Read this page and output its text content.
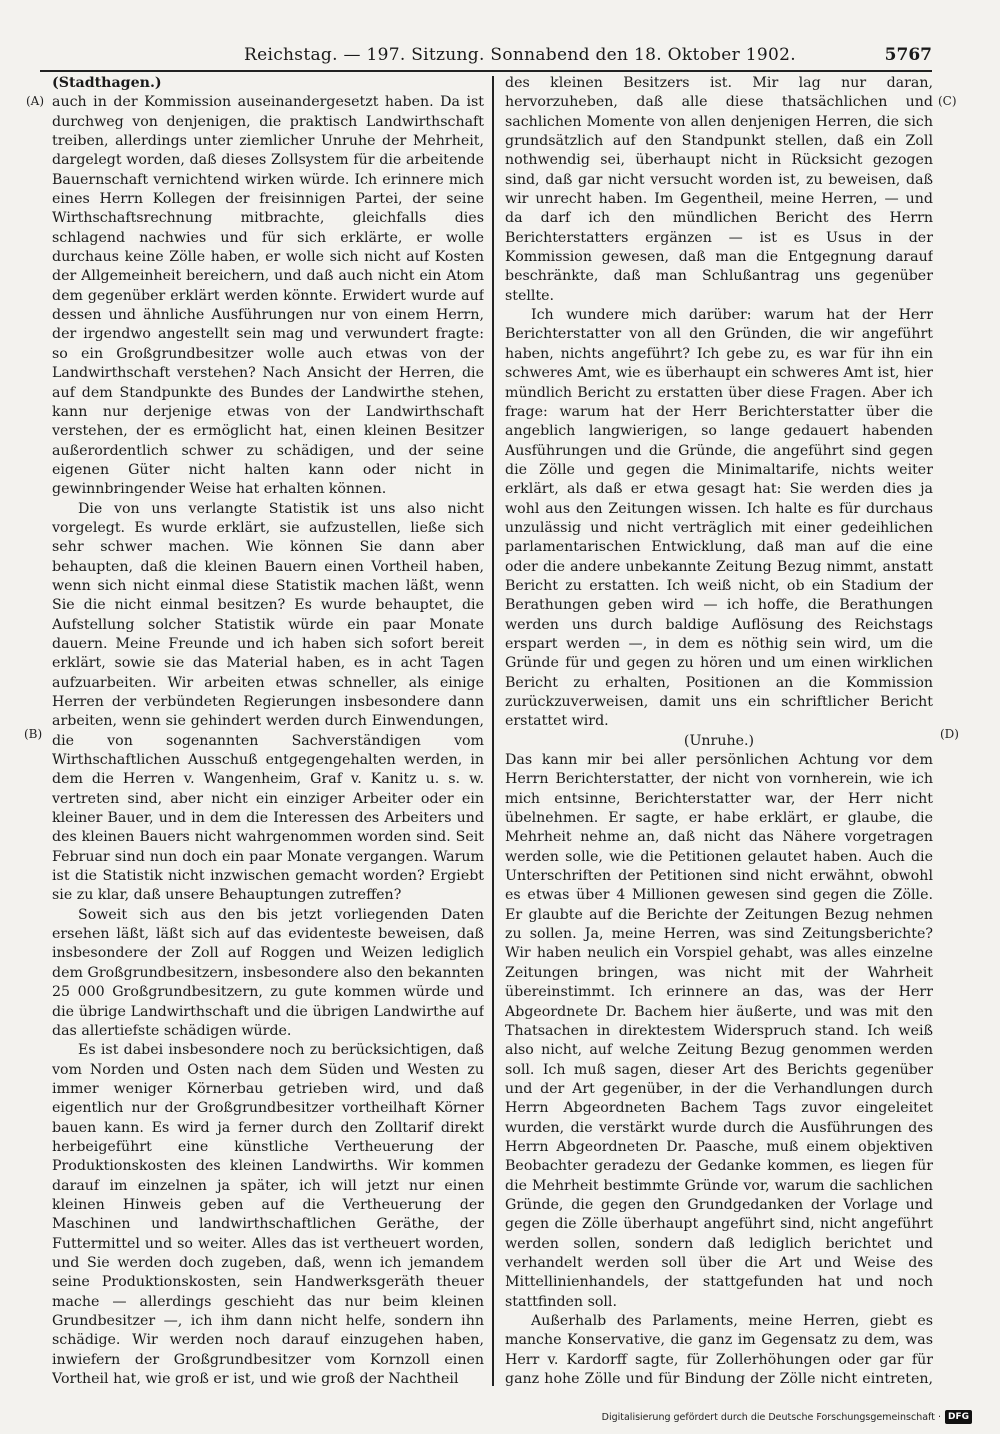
Reichstag. — 197. Sitzung. Sonnabend den 18. Oktober 1902.	5767
(A)
(B)
(C)
(D)

(Stadthagen.)

auch in der Kommission auseinandergesetzt haben. Da ist durchweg von denjenigen, die praktisch Landwirthschaft treiben, allerdings unter ziemlicher Unruhe der Mehrheit, dargelegt worden, daß dieses Zollsystem für die arbeitende Bauernschaft vernichtend wirken würde. Ich erinnere mich eines Herrn Kollegen der freisinnigen Partei, der seine Wirthschaftsrechnung mitbrachte, gleichfalls dies schlagend nachwies und für sich erklärte, er wolle durchaus keine Zölle haben, er wolle sich nicht auf Kosten der Allgemeinheit bereichern, und daß auch nicht ein Atom dem gegenüber erklärt werden könnte. Erwidert wurde auf dessen und ähnliche Ausführungen nur von einem Herrn, der irgendwo angestellt sein mag und verwundert fragte: so ein Großgrundbesitzer wolle auch etwas von der Landwirthschaft verstehen? Nach Ansicht der Herren, die auf dem Standpunkte des Bundes der Landwirthe stehen, kann nur derjenige etwas von der Landwirthschaft verstehen, der es ermöglicht hat, einen kleinen Besitzer außerordentlich schwer zu schädigen, und der seine eigenen Güter nicht halten kann oder nicht in gewinnbringender Weise hat erhalten können.

Die von uns verlangte Statistik ist uns also nicht vorgelegt. Es wurde erklärt, sie aufzustellen, ließe sich sehr schwer machen. Wie können Sie dann aber behaupten, daß die kleinen Bauern einen Vortheil haben, wenn sich nicht einmal diese Statistik machen läßt, wenn Sie die nicht einmal besitzen? Es wurde behauptet, die Aufstellung solcher Statistik würde ein paar Monate dauern. Meine Freunde und ich haben sich sofort bereit erklärt, sowie sie das Material haben, es in acht Tagen aufzuarbeiten. Wir arbeiten etwas schneller, als einige Herren der verbündeten Regierungen insbesondere dann arbeiten, wenn sie gehindert werden durch Einwendungen, die von sogenannten Sachverständigen vom Wirthschaftlichen Ausschuß entgegengehalten werden, in dem die Herren v. Wangenheim, Graf v. Kanitz u. s. w. vertreten sind, aber nicht ein einziger Arbeiter oder ein kleiner Bauer, und in dem die Interessen des Arbeiters und des kleinen Bauers nicht wahrgenommen worden sind. Seit Februar sind nun doch ein paar Monate vergangen. Warum ist die Statistik nicht inzwischen gemacht worden? Ergiebt sie zu klar, daß unsere Behauptungen zutreffen?

Soweit sich aus den bis jetzt vorliegenden Daten ersehen läßt, läßt sich auf das evidenteste beweisen, daß insbesondere der Zoll auf Roggen und Weizen lediglich dem Großgrundbesitzern, insbesondere also den bekannten 25 000 Großgrundbesitzern, zu gute kommen würde und die übrige Landwirthschaft und die übrigen Landwirthe auf das allertiefste schädigen würde.

Es ist dabei insbesondere noch zu berücksichtigen, daß vom Norden und Osten nach dem Süden und Westen zu immer weniger Körnerbau getrieben wird, und daß eigentlich nur der Großgrundbesitzer vortheilhaft Körner bauen kann. Es wird ja ferner durch den Zolltarif direkt herbeigeführt eine künstliche Vertheuerung der Produktionskosten des kleinen Landwirths. Wir kommen darauf im einzelnen ja später, ich will jetzt nur einen kleinen Hinweis geben auf die Vertheuerung der Maschinen und landwirthschaftlichen Geräthe, der Futtermittel und so weiter. Alles das ist vertheuert worden, und Sie werden doch zugeben, daß, wenn ich jemandem seine Produktionskosten, sein Handwerksgeräth theuer mache — allerdings geschieht das nur beim kleinen Grundbesitzer —, ich ihm dann nicht helfe, sondern ihn schädige. Wir werden noch darauf einzugehen haben, inwiefern der Großgrundbesitzer vom Kornzoll einen Vortheil hat, wie groß er ist, und wie groß der Nachtheil

des kleinen Besitzers ist. Mir lag nur daran, hervorzuheben, daß alle diese thatsächlichen und sachlichen Momente von allen denjenigen Herren, die sich grundsätzlich auf den Standpunkt stellen, daß ein Zoll nothwendig sei, überhaupt nicht in Rücksicht gezogen sind, daß gar nicht versucht worden ist, zu beweisen, daß wir unrecht haben. Im Gegentheil, meine Herren, — und da darf ich den mündlichen Bericht des Herrn Berichterstatters ergänzen — ist es Usus in der Kommission gewesen, daß man die Entgegnung darauf beschränkte, daß man Schlußantrag uns gegenüber stellte.

Ich wundere mich darüber: warum hat der Herr Berichterstatter von all den Gründen, die wir angeführt haben, nichts angeführt? Ich gebe zu, es war für ihn ein schweres Amt, wie es überhaupt ein schweres Amt ist, hier mündlich Bericht zu erstatten über diese Fragen. Aber ich frage: warum hat der Herr Berichterstatter über die angeblich langwierigen, so lange gedauert habenden Ausführungen und die Gründe, die angeführt sind gegen die Zölle und gegen die Minimaltarife, nichts weiter erklärt, als daß er etwa gesagt hat: Sie werden dies ja wohl aus den Zeitungen wissen. Ich halte es für durchaus unzulässig und nicht verträglich mit einer gedeihlichen parlamentarischen Entwicklung, daß man auf die eine oder die andere unbekannte Zeitung Bezug nimmt, anstatt Bericht zu erstatten. Ich weiß nicht, ob ein Stadium der Berathungen geben wird — ich hoffe, die Berathungen werden uns durch baldige Auflösung des Reichstags erspart werden —, in dem es nöthig sein wird, um die Gründe für und gegen zu hören und um einen wirklichen Bericht zu erhalten, Positionen an die Kommission zurückzuverweisen, damit uns ein schriftlicher Bericht erstattet wird.

(Unruhe.)

Das kann mir bei aller persönlichen Achtung vor dem Herrn Berichterstatter, der nicht von vornherein, wie ich mich entsinne, Berichterstatter war, der Herr nicht übelnehmen. Er sagte, er habe erklärt, er glaube, die Mehrheit nehme an, daß nicht das Nähere vorgetragen werden solle, wie die Petitionen gelautet haben. Auch die Unterschriften der Petitionen sind nicht erwähnt, obwohl es etwas über 4 Millionen gewesen sind gegen die Zölle. Er glaubte auf die Berichte der Zeitungen Bezug nehmen zu sollen. Ja, meine Herren, was sind Zeitungsberichte? Wir haben neulich ein Vorspiel gehabt, was alles einzelne Zeitungen bringen, was nicht mit der Wahrheit übereinstimmt. Ich erinnere an das, was der Herr Abgeordnete Dr. Bachem hier äußerte, und was mit den Thatsachen in direktestem Widerspruch stand. Ich weiß also nicht, auf welche Zeitung Bezug genommen werden soll. Ich muß sagen, dieser Art des Berichts gegenüber und der Art gegenüber, in der die Verhandlungen durch Herrn Abgeordneten Bachem Tags zuvor eingeleitet wurden, die verstärkt wurde durch die Ausführungen des Herrn Abgeordneten Dr. Paasche, muß einem objektiven Beobachter geradezu der Gedanke kommen, es liegen für die Mehrheit bestimmte Gründe vor, warum die sachlichen Gründe, die gegen den Grundgedanken der Vorlage und gegen die Zölle überhaupt angeführt sind, nicht angeführt werden sollen, sondern daß lediglich berichtet und verhandelt werden soll über die Art und Weise des Mittellinienhandels, der stattgefunden hat und noch stattfinden soll.

Außerhalb des Parlaments, meine Herren, giebt es manche Konservative, die ganz im Gegensatz zu dem, was Herr v. Kardorff sagte, für Zollerhöhungen oder gar für ganz hohe Zölle und für Bindung der Zölle nicht eintreten,

Digitalisierung gefördert durch die Deutsche Forschungsgemeinschaft · DFG
